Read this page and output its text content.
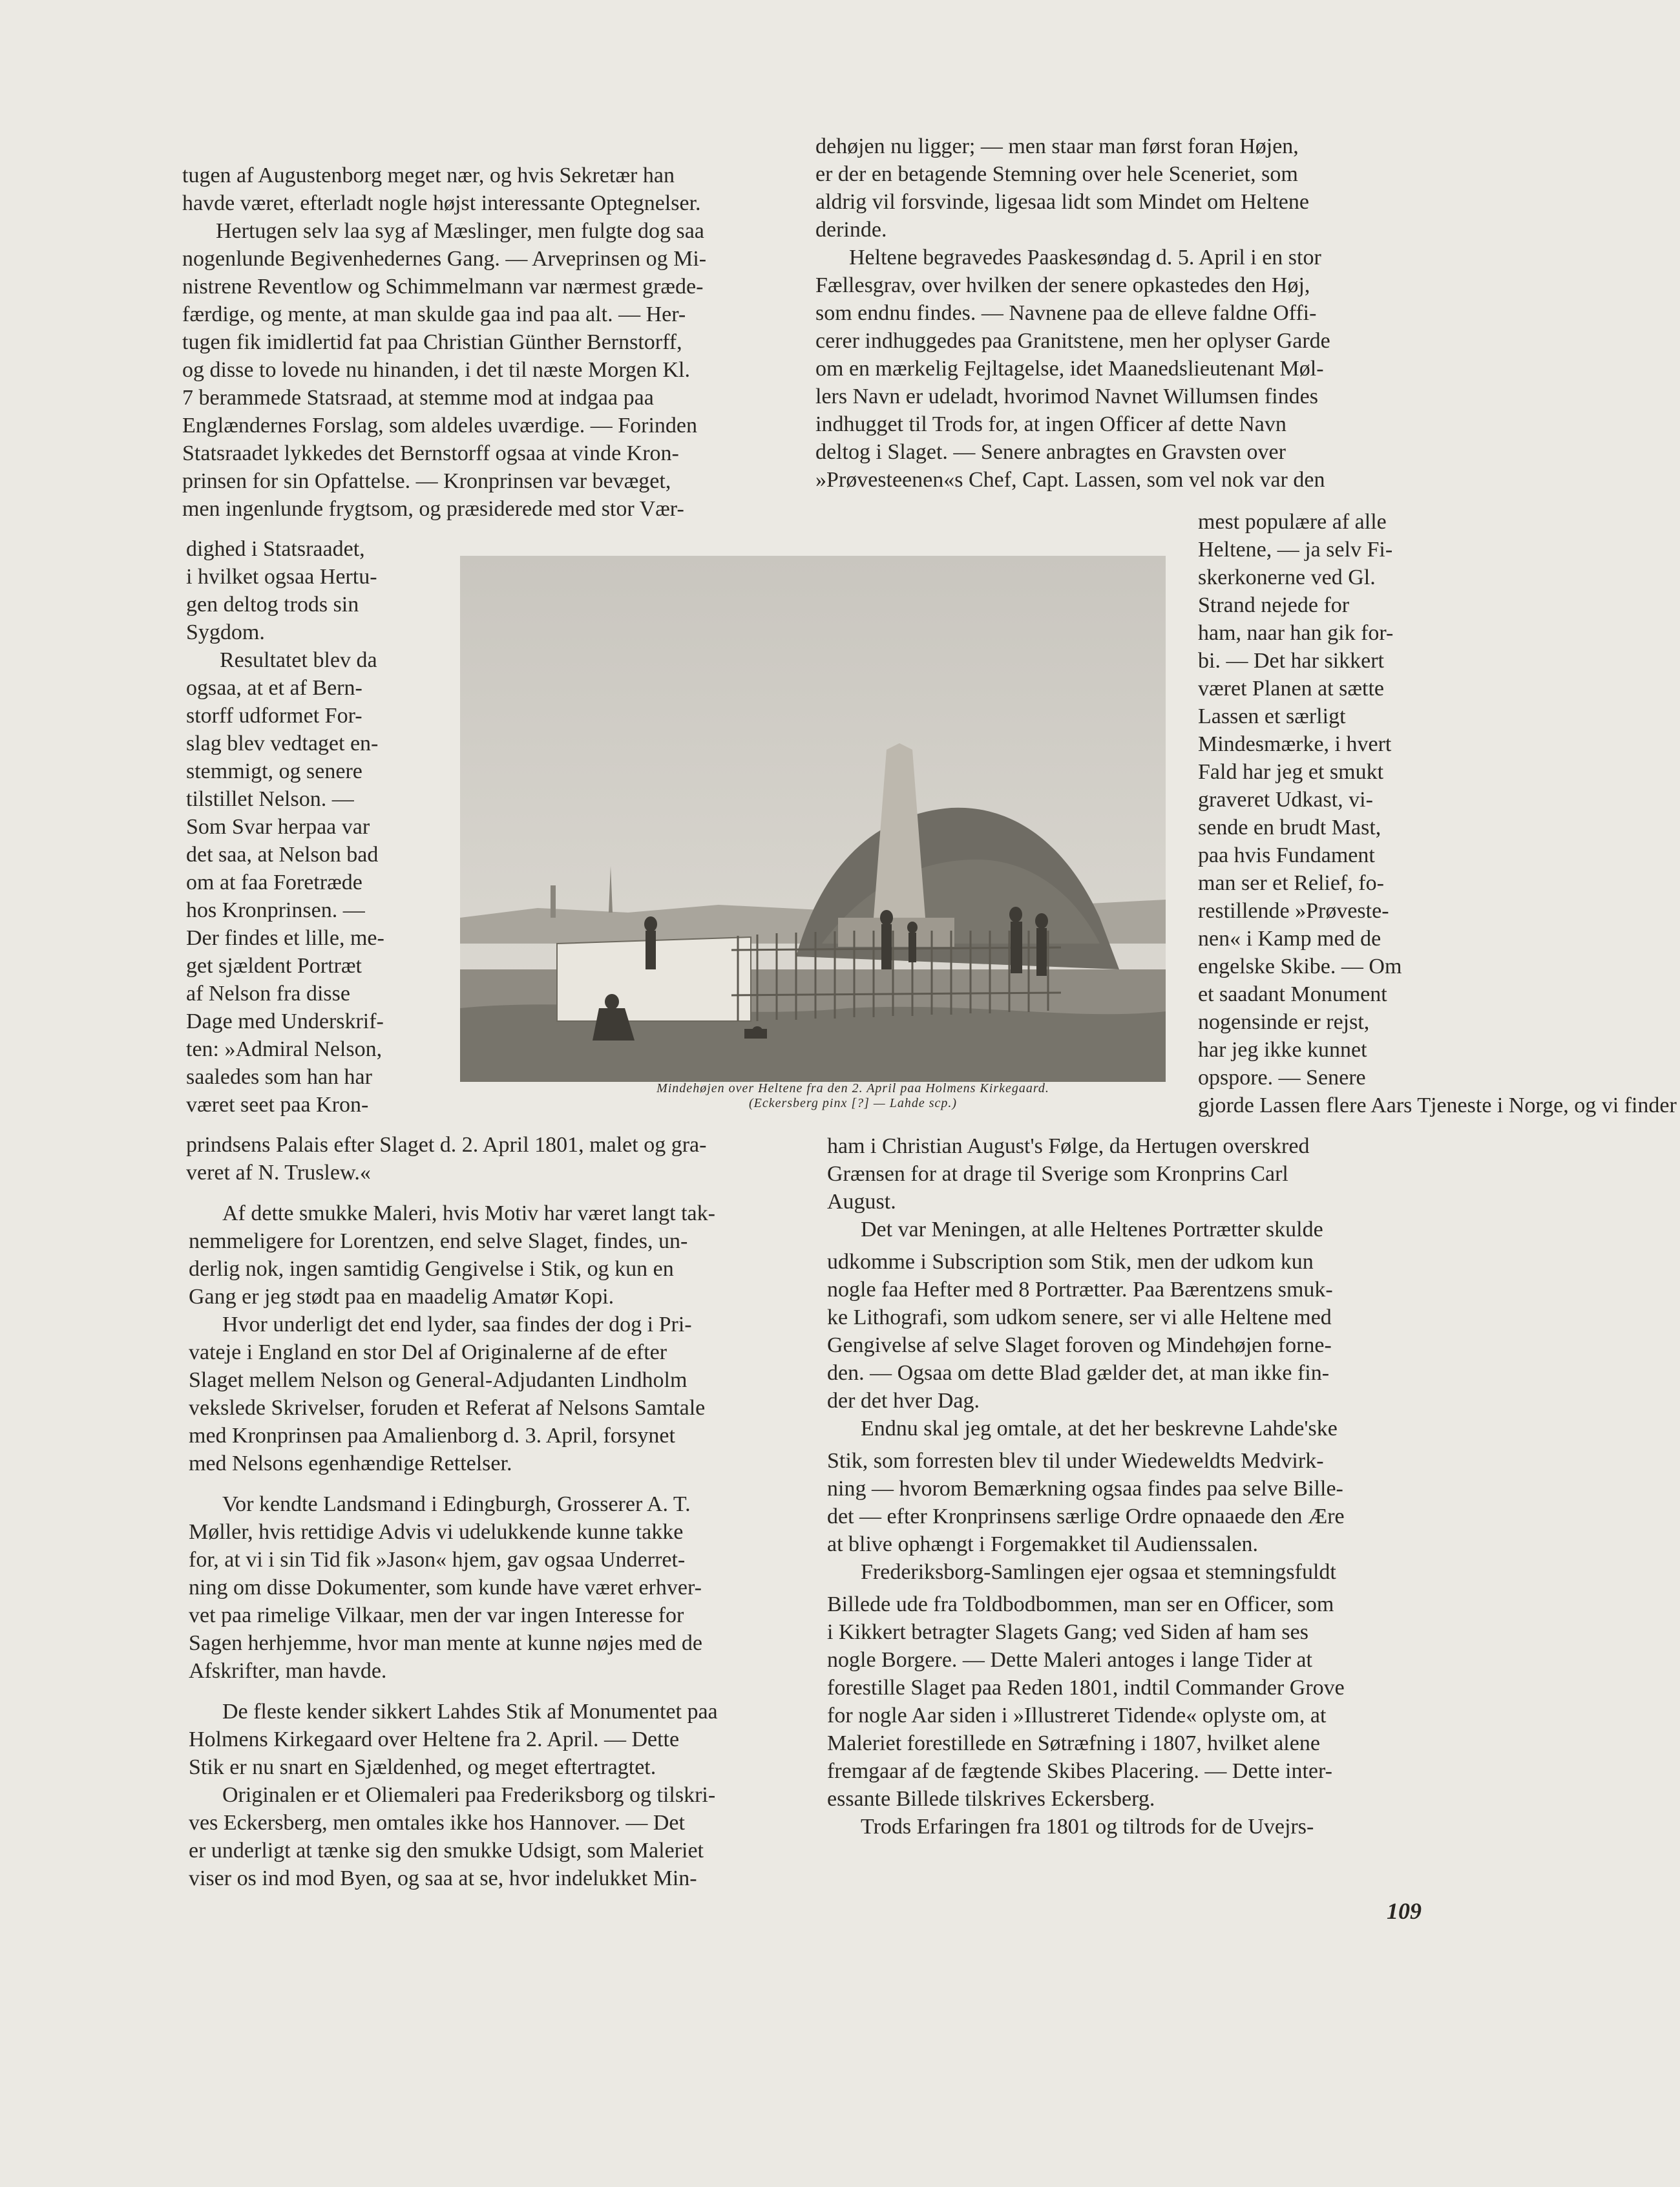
tugen af Augustenborg meget nær, og hvis Sekretær han
havde været, efterladt nogle højst interessante Optegnelser.
Hertugen selv laa syg af Mæslinger, men fulgte dog saa
nogenlunde Begivenhedernes Gang. — Arveprinsen og Mi-
nistrene Reventlow og Schimmelmann var nærmest græde-
færdige, og mente, at man skulde gaa ind paa alt. — Her-
tugen fik imidlertid fat paa Christian Günther Bernstorff,
og disse to lovede nu hinanden, i det til næste Morgen Kl.
7 berammede Statsraad, at stemme mod at indgaa paa
Englændernes Forslag, som aldeles uværdige. — Forinden
Statsraadet lykkedes det Bernstorff ogsaa at vinde Kron-
prinsen for sin Opfattelse. — Kronprinsen var bevæget,
men ingenlunde frygtsom, og præsiderede med stor Vær-
dighed i Statsraadet,
i hvilket ogsaa Hertu-
gen deltog trods sin
Sygdom.
Resultatet blev da
ogsaa, at et af Bern-
storff udformet For-
slag blev vedtaget en-
stemmigt, og senere
tilstillet Nelson. —
Som Svar herpaa var
det saa, at Nelson bad
om at faa Foretræde
hos Kronprinsen. —
Der findes et lille, me-
get sjældent Portræt
af Nelson fra disse
Dage med Underskrif-
ten: »Admiral Nelson,
saaledes som han har
været seet paa Kron-
prindsens Palais efter Slaget d. 2. April 1801, malet og gra-
veret af N. Truslew.«
Af dette smukke Maleri, hvis Motiv har været langt tak-
nemmeligere for Lorentzen, end selve Slaget, findes, un-
derlig nok, ingen samtidig Gengivelse i Stik, og kun en
Gang er jeg stødt paa en maadelig Amatør Kopi.
Hvor underligt det end lyder, saa findes der dog i Pri-
vateje i England en stor Del af Originalerne af de efter
Slaget mellem Nelson og General-Adjudanten Lindholm
vekslede Skrivelser, foruden et Referat af Nelsons Samtale
med Kronprinsen paa Amalienborg d. 3. April, forsynet
med Nelsons egenhændige Rettelser.
Vor kendte Landsmand i Edingburgh, Grosserer A. T.
Møller, hvis rettidige Advis vi udelukkende kunne takke
for, at vi i sin Tid fik »Jason« hjem, gav ogsaa Underret-
ning om disse Dokumenter, som kunde have været erhver-
vet paa rimelige Vilkaar, men der var ingen Interesse for
Sagen herhjemme, hvor man mente at kunne nøjes med de
Afskrifter, man havde.
De fleste kender sikkert Lahdes Stik af Monumentet paa
Holmens Kirkegaard over Heltene fra 2. April. — Dette
Stik er nu snart en Sjældenhed, og meget eftertragtet.
Originalen er et Oliemaleri paa Frederiksborg og tilskri-
ves Eckersberg, men omtales ikke hos Hannover. — Det
er underligt at tænke sig den smukke Udsigt, som Maleriet
viser os ind mod Byen, og saa at se, hvor indelukket Min-
dehøjen nu ligger; — men staar man først foran Højen,
er der en betagende Stemning over hele Sceneriet, som
aldrig vil forsvinde, ligesaa lidt som Mindet om Heltene
derinde.
Heltene begravedes Paaskesøndag d. 5. April i en stor
Fællesgrav, over hvilken der senere opkastedes den Høj,
som endnu findes. — Navnene paa de elleve faldne Offi-
cerer indhuggedes paa Granitstene, men her oplyser Garde
om en mærkelig Fejltagelse, idet Maanedslieutenant Møl-
lers Navn er udeladt, hvorimod Navnet Willumsen findes
indhugget til Trods for, at ingen Officer af dette Navn
deltog i Slaget. — Senere anbragtes en Gravsten over
»Prøvesteenen«s Chef, Capt. Lassen, som vel nok var den
mest populære af alle
Heltene, — ja selv Fi-
skerkonerne ved Gl.
Strand nejede for
ham, naar han gik for-
bi. — Det har sikkert
været Planen at sætte
Lassen et særligt
Mindesmærke, i hvert
Fald har jeg et smukt
graveret Udkast, vi-
sende en brudt Mast,
paa hvis Fundament
man ser et Relief, fo-
restillende »Prøveste-
nen« i Kamp med de
engelske Skibe. — Om
et saadant Monument
nogensinde er rejst,
har jeg ikke kunnet
opspore. — Senere
gjorde Lassen flere Aars Tjeneste i Norge, og vi finder
ham i Christian August's Følge, da Hertugen overskred
Grænsen for at drage til Sverige som Kronprins Carl
August.
Det var Meningen, at alle Heltenes Portrætter skulde
udkomme i Subscription som Stik, men der udkom kun
nogle faa Hefter med 8 Portrætter. Paa Bærentzens smuk-
ke Lithografi, som udkom senere, ser vi alle Heltene med
Gengivelse af selve Slaget foroven og Mindehøjen forne-
den. — Ogsaa om dette Blad gælder det, at man ikke fin-
der det hver Dag.
Endnu skal jeg omtale, at det her beskrevne Lahde'ske
Stik, som forresten blev til under Wiedeweldts Medvirk-
ning — hvorom Bemærkning ogsaa findes paa selve Bille-
det — efter Kronprinsens særlige Ordre opnaaede den Ære
at blive ophængt i Forgemakket til Audienssalen.
Frederiksborg-Samlingen ejer ogsaa et stemningsfuldt
Billede ude fra Toldbodbommen, man ser en Officer, som
i Kikkert betragter Slagets Gang; ved Siden af ham ses
nogle Borgere. — Dette Maleri antoges i lange Tider at
forestille Slaget paa Reden 1801, indtil Commander Grove
for nogle Aar siden i »Illustreret Tidende« oplyste om, at
Maleriet forestillede en Søtræfning i 1807, hvilket alene
fremgaar af de fægtende Skibes Placering. — Dette inter-
essante Billede tilskrives Eckersberg.
Trods Erfaringen fra 1801 og tiltrods for de Uvejrs-
Mindehøjen over Heltene fra den 2. April paa Holmens Kirkegaard.
(Eckersberg pinx [?] — Lahde scp.)
109
